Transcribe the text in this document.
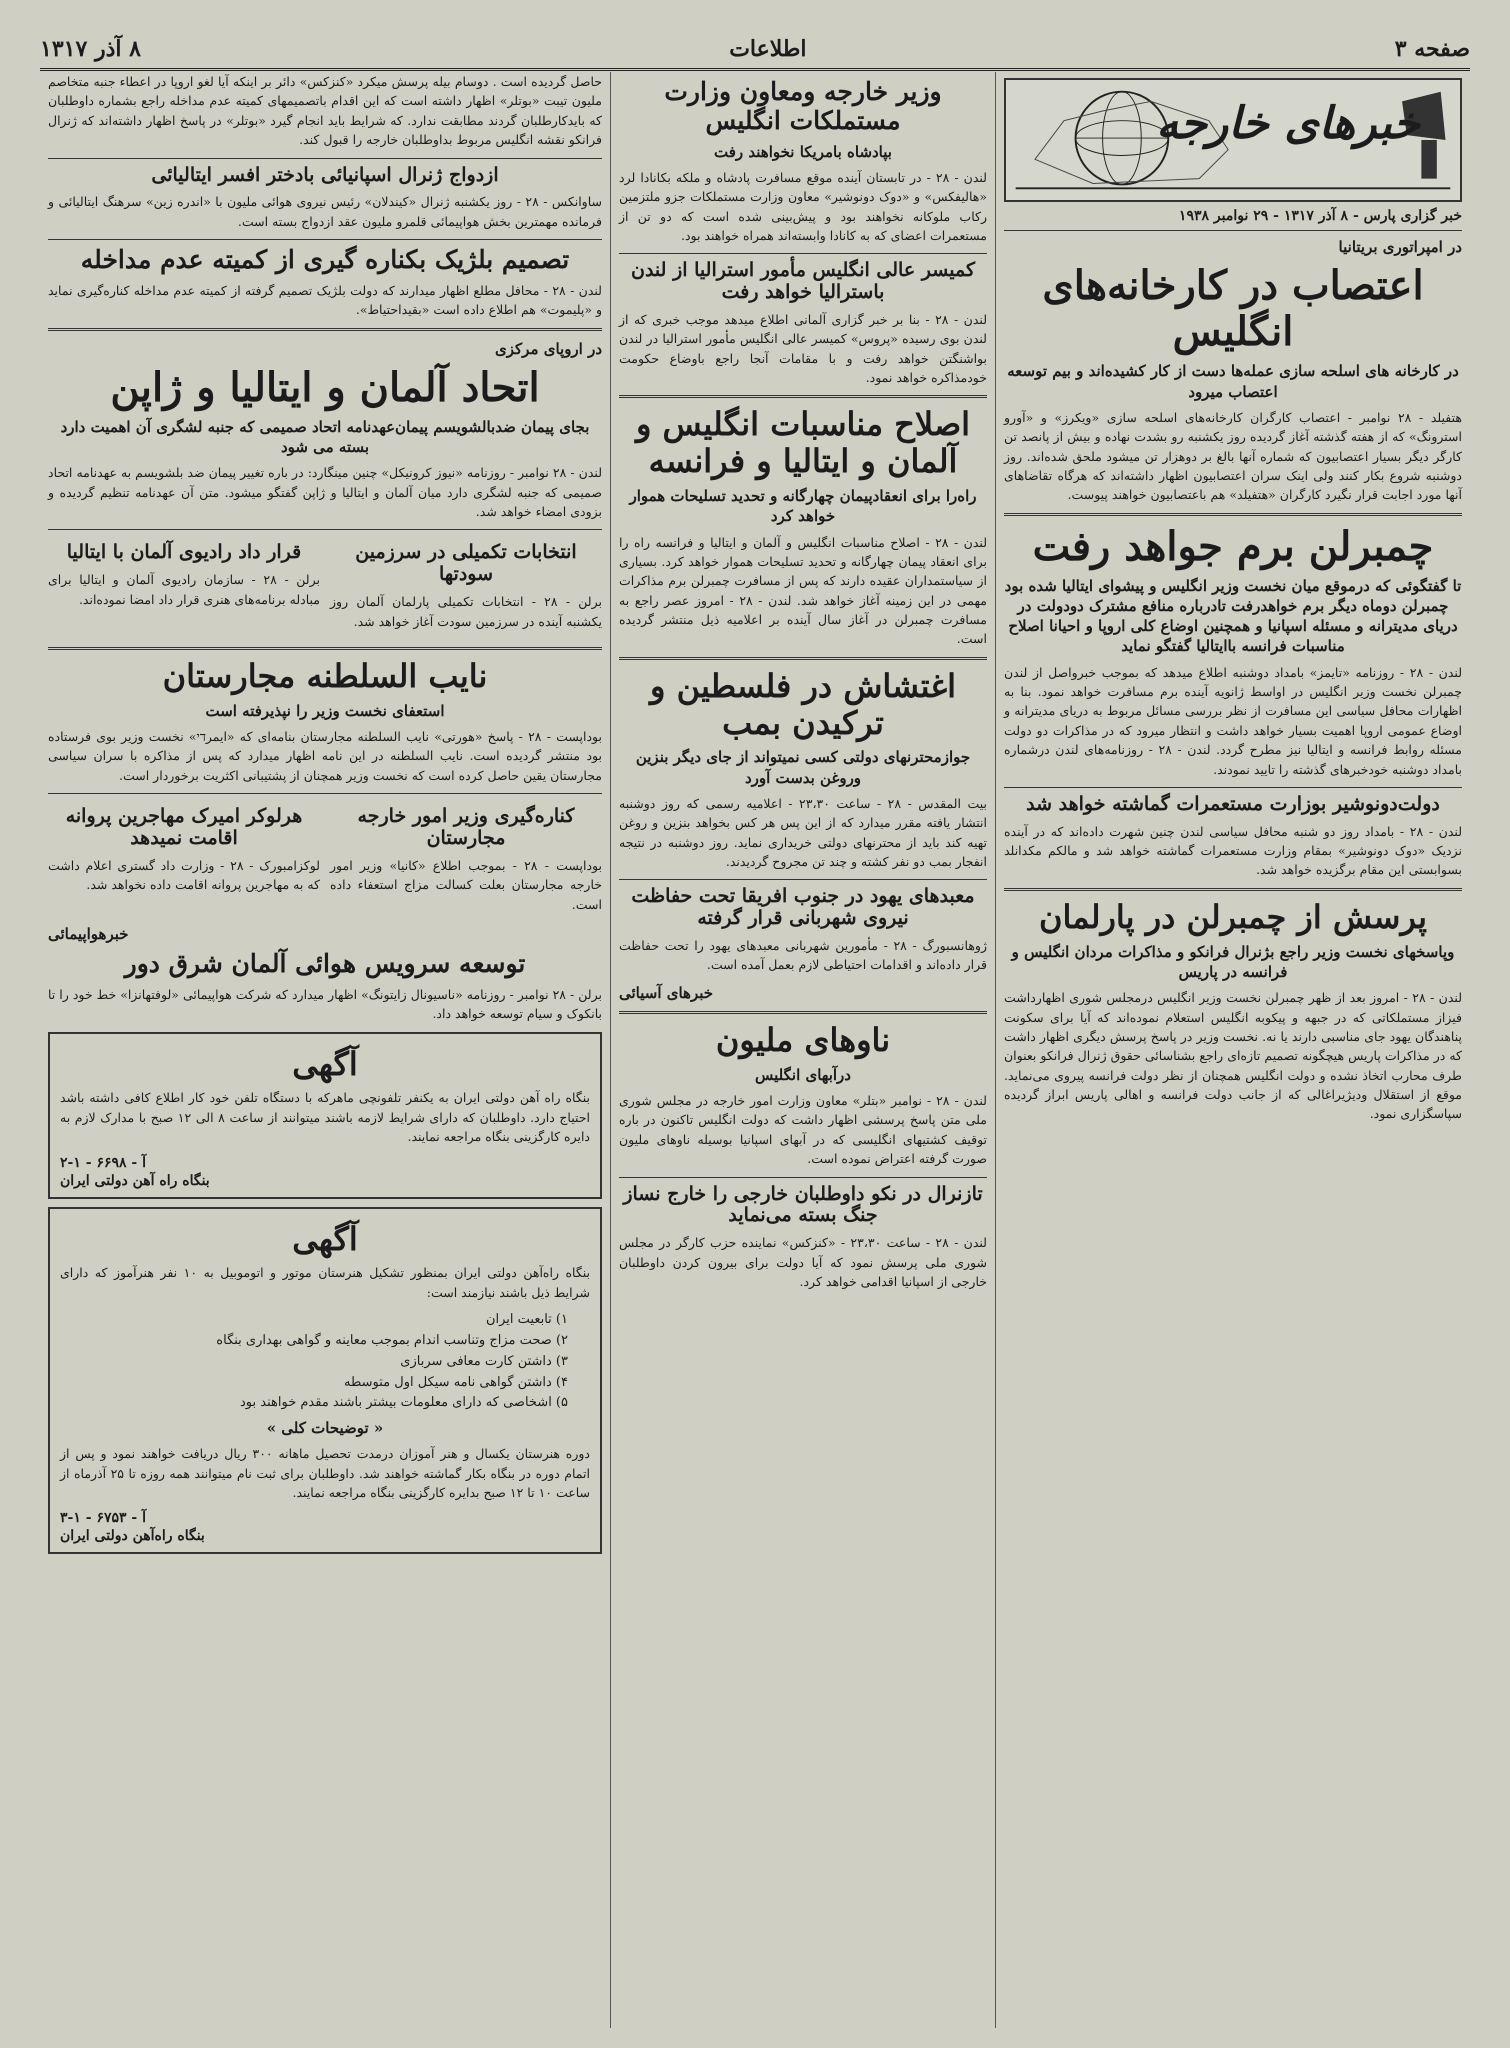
صفحه ۳
اطلاعات
۸ آذر ۱۳۱۷
خبرهای خارجه
خبر گزاری پارس - ۸ آذر ۱۳۱۷ - ۲۹ نوامبر ۱۹۳۸
در امپراتوری بریتانیا
اعتصاب در کارخانه‌های انگلیس
در کارخانه های اسلحه سازی عمله‌ها دست از کار کشیده‌اند و بیم توسعه اعتصاب میرود

هتفیلد - ۲۸ نوامبر - اعتصاب کارگران کارخانه‌های اسلحه سازی «ویکرز» و «آورو استرونگ» که از هفته گذشته آغاز گردیده روز یکشنبه رو بشدت نهاده و بیش از پانصد تن کارگر دیگر بسیار اعتصابیون که شماره آنها بالغ بر دوهزار تن میشود ملحق شده‌اند. روز دوشنبه شروع بکار کنند ولی اینک سران اعتصابیون اظهار داشته‌اند که هرگاه تقاضاهای آنها مورد اجابت قرار نگیرد کارگران «هتفیلد» هم باعتصابیون خواهند پیوست.

چمبرلن برم جواهد رفت
تا گفتگوئی که درموقع میان نخست وزیر انگلیس و پیشوای ایتالیا شده بود چمبرلن دوماه دیگر برم خواهدرفت تادرباره منافع مشترک دودولت در دریای مدیترانه و مسئله اسپانیا و همچنین اوضاع کلی اروپا و احیانا اصلاح مناسبات فرانسه باایتالیا گفتگو نماید

لندن - ۲۸ - روزنامه «تایمز» بامداد دوشنبه اطلاع میدهد که بموجب خبرواصل از لندن چمبرلن نخست وزیر انگلیس در اواسط ژانویه آینده برم مسافرت خواهد نمود. بنا به اظهارات محافل سیاسی این مسافرت از نظر بررسی مسائل مربوط به دریای مدیترانه و اوضاع عمومی اروپا اهمیت بسیار خواهد داشت و انتظار میرود که در مذاکرات دو دولت مسئله روابط فرانسه و ایتالیا نیز مطرح گردد. لندن - ۲۸ - روزنامه‌های لندن درشماره بامداد دوشنبه خودخبرهای گذشته را تایید نمودند.

دولت‌دونوشیر بوزارت مستعمرات گماشته خواهد شد

لندن - ۲۸ - بامداد روز دو شنبه محافل سیاسی لندن چنین شهرت داده‌اند که در آینده نزدیک «دوک دونوشیر» بمقام وزارت مستعمرات گماشته خواهد شد و مالکم مکدانلد بسوابستی این مقام برگزیده خواهد شد.

پرسش از چمبرلن در پارلمان
وپاسخهای نخست وزیر راجع بژنرال فرانکو و مذاکرات مردان انگلیس و فرانسه در پاریس

لندن - ۲۸ - امروز بعد از ظهر چمبرلن نخست وزیر انگلیس درمجلس شوری اظهارداشت فیزاز مستملکاتی که در جبهه و پیکوبه انگلیس استعلام نموده‌اند که آیا برای سکونت پناهندگان یهود جای مناسبی دارند یا نه. نخست وزیر در پاسخ پرسش دیگری اظهار داشت که در مذاکرات پاریس هیچگونه تصمیم تازه‌ای راجع بشناسائی حقوق ژنرال فرانکو بعنوان طرف محارب اتخاذ نشده و دولت انگلیس همچنان از نظر دولت فرانسه پیروی می‌نماید. موقع از استقلال ودیژیراغالی که از جانب دولت فرانسه و اهالی پاریس ابراز گردیده سپاسگزاری نمود.

وزیر خارجه ومعاون وزارت مستملکات انگلیس
بپادشاه بامریکا نخواهند رفت

لندن - ۲۸ - در تابستان آینده موقع مسافرت پادشاه و ملکه بکانادا لرد «هالیفکس» و «دوک دونوشیر» معاون وزارت مستملکات جزو ملتزمین رکاب ملوکانه نخواهند بود و پیش‌بینی شده است که دو تن از مستعمرات اعضای که به کانادا وابسته‌اند همراه خواهند بود.

کمیسر عالی انگلیس مأمور استرالیا از لندن باسترالیا خواهد رفت

لندن - ۲۸ - بنا بر خبر گزاری آلمانی اطلاع میدهد موجب خبری که از لندن بوی رسیده «پروس» کمیسر عالی انگلیس مأمور استرالیا در لندن بواشنگتن خواهد رفت و با مقامات آنجا راجع باوضاع حکومت خودمذاکره خواهد نمود.

اصلاح مناسبات انگلیس و آلمان و ایتالیا و فرانسه
راه‌را برای انعقادپیمان چهارگانه و تحدید تسلیحات هموار خواهد کرد

لندن - ۲۸ - اصلاح مناسبات انگلیس و آلمان و ایتالیا و فرانسه راه را برای انعقاد پیمان چهارگانه و تحدید تسلیحات هموار خواهد کرد. بسیاری از سیاستمداران عقیده دارند که پس از مسافرت چمبرلن برم مذاکرات مهمی در این زمینه آغاز خواهد شد. لندن - ۲۸ - امروز عصر راجع به مسافرت چمبرلن در آغاز سال آینده بر اعلامیه ذیل منتشر گردیده است.

اغتشاش در فلسطین و ترکیدن بمب
جوازمحترنهای دولتی کسی نمیتواند از جای دیگر بنزین وروغن بدست آورد

بیت المقدس - ۲۸ - ساعت ۲۳،۳۰ - اعلامیه رسمی که روز دوشنبه انتشار یافته مقرر میدارد که از این پس هر کس بخواهد بنزین و روغن تهیه کند باید از محترنهای دولتی خریداری نماید. روز دوشنبه در نتیجه انفجار بمب دو نفر کشته و چند تن مجروح گردیدند.

معبدهای یهود در جنوب افریقا تحت حفاظت نیروی شهربانی قرار گرفته

ژوهانسبورگ - ۲۸ - مأمورین شهربانی معبدهای یهود را تحت حفاظت قرار داده‌اند و اقدامات احتیاطی لازم بعمل آمده است.

خبرهای آسیائی
ناوهای ملیون
درآبهای انگلیس

لندن - ۲۸ - نوامبر «بتلر» معاون وزارت امور خارجه در مجلس شوری ملی متن پاسخ پرسشی اظهار داشت که دولت انگلیس تاکنون در باره توقیف کشتیهای انگلیسی که در آبهای اسپانیا بوسیله ناوهای ملیون صورت گرفته اعتراض نموده است.

تازنرال در نکو داوطلبان خارجی را خارج نساز جنگ بسته می‌نماید

لندن - ۲۸ - ساعت ۲۳،۳۰ - «کنزکس» نماینده حزب کارگر در مجلس شوری ملی پرسش نمود که آیا دولت برای بیرون کردن داوطلبان خارجی از اسپانیا اقدامی خواهد کرد.

حاصل گردیده است . دوسام بیله پرسش میکرد «کنزکس» دائر بر اینکه آیا لغو اروپا در اعطاء جنبه متخاصم ملیون تیبت «بوتلر» اظهار داشته است که این اقدام باتصمیمهای کمیته عدم مداخله راجع بشماره داوطلبان که بایدکارطلبان گردند مطابقت ندارد. که شرایط باید انجام گیرد «بوتلر» در پاسخ اظهار داشته‌اند که ژنرال فرانکو نقشه انگلیس مربوط بداوطلبان خارجه را قبول کند.

ازدواج ژنرال اسپانیائی بادختر افسر ایتالیائی

ساوانکس - ۲۸ - روز یکشنبه ژنرال «کیندلان» رئیس نیروی هوائی ملیون با «اندره زین» سرهنگ ایتالیائی و فرمانده مهمترین بخش هواپیمائی قلمرو ملیون عقد ازدواج بسته است.

تصمیم بلژیک بکناره گیری از کمیته عدم مداخله

لندن - ۲۸ - محافل مطلع اظهار میدارند که دولت بلژیک تصمیم گرفته از کمیته عدم مداخله کناره‌گیری نماید و «پلیموت» هم اطلاع داده است «بقیداحتیاط».

در اروپای مرکزی
اتحاد آلمان و ایتالیا و ژاپن
بجای پیمان ضدبالشویسم پیمان‌عهدنامه اتحاد صمیمی که جنبه لشگری آن اهمیت دارد بسته می شود

لندن - ۲۸ نوامبر - روزنامه «نیوز کرونیکل» چنین مینگارد: در باره تغییر پیمان ضد بلشویسم به عهدنامه اتحاد صمیمی که جنبه لشگری دارد میان آلمان و ایتالیا و ژاپن گفتگو میشود. متن آن عهدنامه تنظیم گردیده و بزودی امضاء خواهد شد.

انتخابات تکمیلی در سرزمین سودتها

برلن - ۲۸ - انتخابات تکمیلی پارلمان آلمان روز یکشنبه آینده در سرزمین سودت آغاز خواهد شد.

قرار داد رادیوی آلمان با ایتالیا

برلن - ۲۸ - سازمان رادیوی آلمان و ایتالیا برای مبادله برنامه‌های هنری قرار داد امضا نموده‌اند.

نایب السلطنه مجارستان
استعفای نخست وزیر را نپذیرفته است

بوداپست - ۲۸ - پاسخ «هورتی» نایب السلطنه مجارستان بنامه‌ای که «ایمرדי» نخست وزیر بوی فرستاده بود منتشر گردیده است. نایب السلطنه در این نامه اظهار میدارد که پس از مذاکره با سران سیاسی مجارستان یقین حاصل کرده است که نخست وزیر همچنان از پشتیبانی اکثریت برخوردار است.

کناره‌گیری وزیر امور خارجه مجارستان

بوداپست - ۲۸ - بموجب اطلاع «کانیا» وزیر امور خارجه مجارستان بعلت کسالت مزاج استعفاء داده است.

هرلوکر امیرک مهاجرین پروانه اقامت نمیدهد

لوکزامبورک - ۲۸ - وزارت داد گستری اعلام داشت که به مهاجرین پروانه اقامت داده نخواهد شد.

خبرهواپیمائی
توسعه سرویس هوائی آلمان شرق دور

برلن - ۲۸ نوامبر - روزنامه «ناسیونال زایتونگ» اظهار میدارد که شرکت هواپیمائی «لوفتهانزا» خط خود را تا بانکوک و سیام توسعه خواهد داد.

آگهی

بنگاه راه آهن دولتی ایران به یکنفر تلفونچی ماهرکه با دستگاه تلفن خود کار اطلاع کافی داشته باشد احتیاج دارد. داوطلبان که دارای شرایط لازمه باشند میتوانند از ساعت ۸ الی ۱۲ صبح با مدارک لازم به دایره کارگزینی بنگاه مراجعه نمایند.

آ - ۶۶۹۸ - ۱-۲
بنگاه راه آهن دولتی ایران
آگهی

بنگاه راه‌آهن دولتی ایران بمنظور تشکیل هنرستان موتور و اتوموبیل به ۱۰ نفر هنرآموز که دارای شرایط ذیل باشند نیازمند است:

۱) تابعیت ایران
۲) صحت مزاج وتناسب اندام بموجب معاینه و گواهی بهداری بنگاه
۳) داشتن کارت معافی سربازی
۴) داشتن گواهی نامه سیکل اول متوسطه
۵) اشخاصی که دارای معلومات بیشتر باشند مقدم خواهند بود
« توضیحات کلی »

دوره هنرستان یکسال و هنر آموزان درمدت تحصیل ماهانه ۳۰۰ ریال دریافت خواهند نمود و پس از اتمام دوره در بنگاه بکار گماشته خواهند شد. داوطلبان برای ثبت نام میتوانند همه روزه تا ۲۵ آذرماه از ساعت ۱۰ تا ۱۲ صبح بدایره کارگزینی بنگاه مراجعه نمایند.

آ - ۶۷۵۳ - ۱-۳
بنگاه راه‌آهن دولتی ایران
